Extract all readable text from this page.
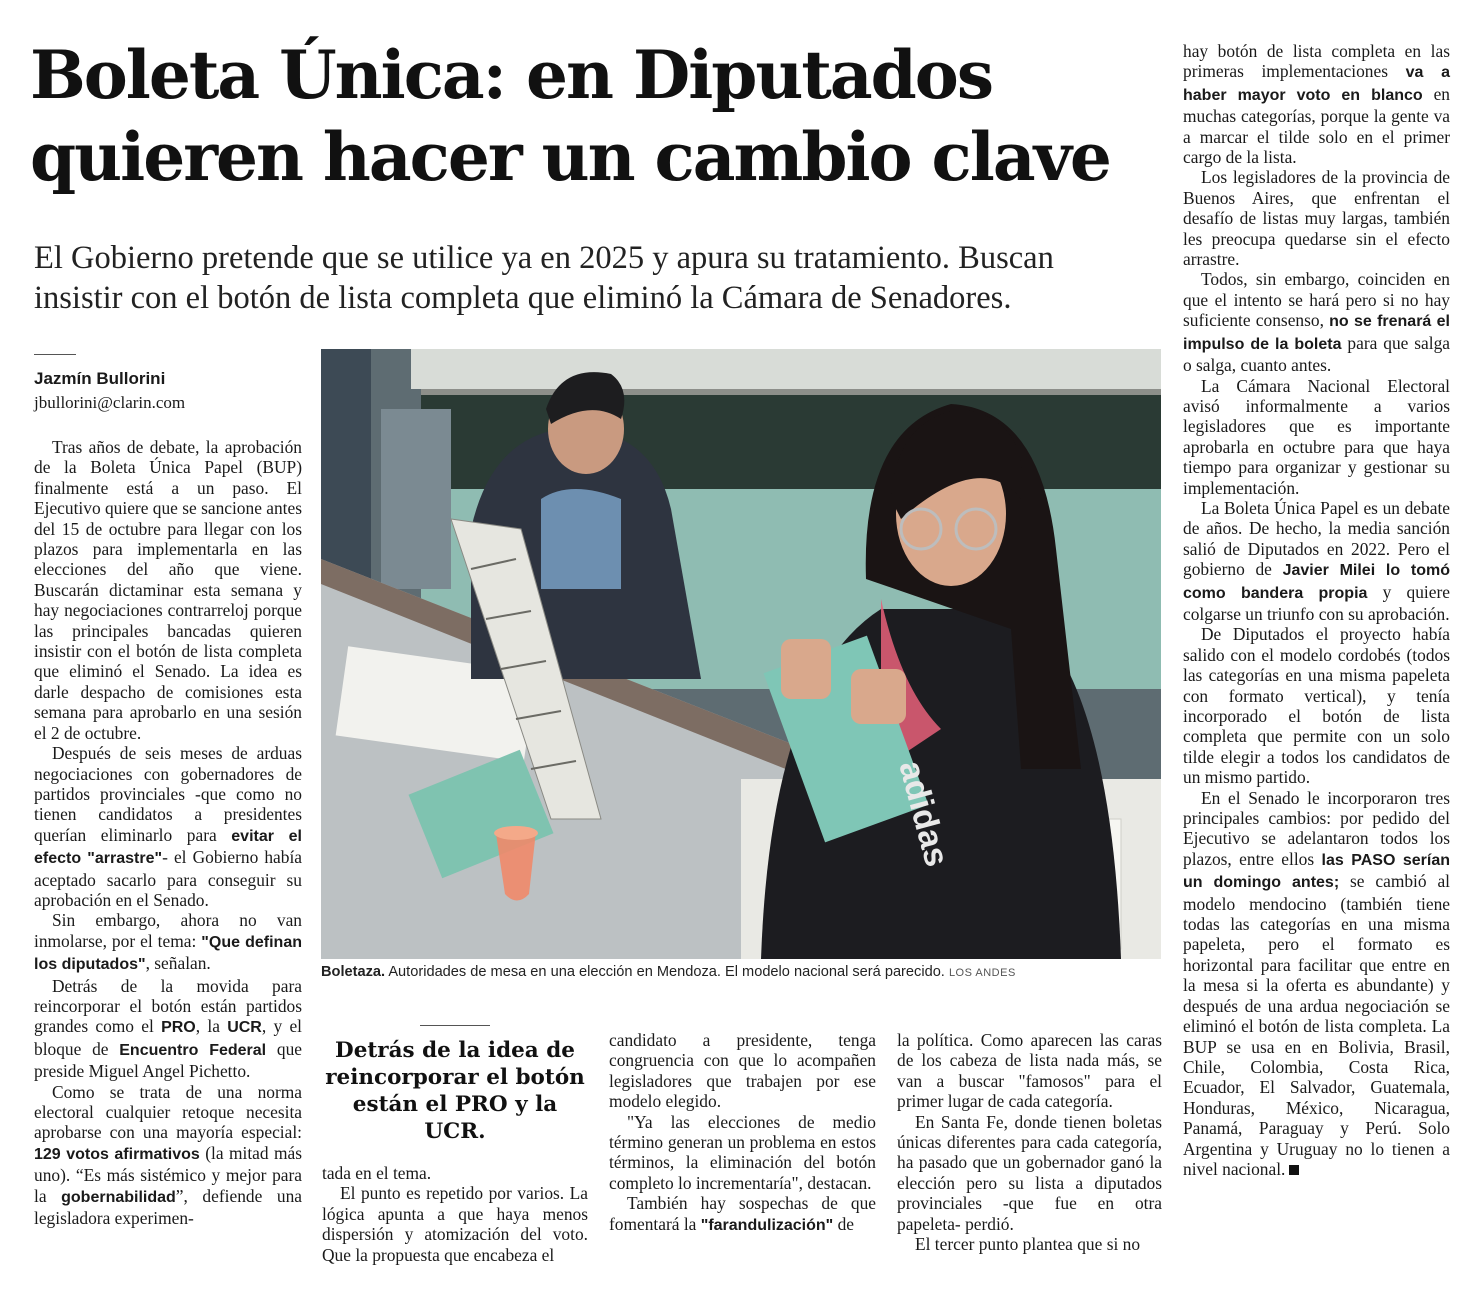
Boleta Única: en Diputados
quieren hacer un cambio clave

El Gobierno pretende que se utilice ya en 2025 y apura su tratamiento. Buscan
insistir con el botón de lista completa que eliminó la Cámara de Senadores.

Jazmín Bullorini
jbullorini@clarin.com

Tras años de debate, la aprobación de la Boleta Única Papel (BUP) finalmente está a un paso. El Ejecutivo quiere que se sancione antes del 15 de octubre para llegar con los plazos para implementarla en las elecciones del año que viene. Buscarán dictaminar esta semana y hay negociaciones contrarreloj porque las principales bancadas quieren insistir con el botón de lista completa que eliminó el Senado. La idea es darle despacho de comisiones esta semana para aprobarlo en una sesión el 2 de octubre.

Después de seis meses de arduas negociaciones con gobernadores de partidos provinciales -que como no tienen candidatos a presidentes querían eliminarlo para evitar el efecto "arrastre"- el Gobierno había aceptado sacarlo para conseguir su aprobación en el Senado.

Sin embargo, ahora no van inmolarse, por el tema: "Que definan los diputados", señalan.

Detrás de la movida para reincorporar el botón están partidos grandes como el PRO, la UCR, y el bloque de Encuentro Federal que preside Miguel Angel Pichetto.

Como se trata de una norma electoral cualquier retoque necesita aprobarse con una mayoría especial: 129 votos afirmativos (la mitad más uno). “Es más sistémico y mejor para la gobernabilidad”, defiende una legisladora experimen-

adidas
Boletaza. Autoridades de mesa en una elección en Mendoza. El modelo nacional será parecido. LOS ANDES

Detrás de la idea de
reincorporar el botón
están el PRO y la UCR.

tada en el tema.

El punto es repetido por varios. La lógica apunta a que haya menos dispersión y atomización del voto. Que la propuesta que encabeza el

candidato a presidente, tenga congruencia con que lo acompañen legisladores que trabajen por ese modelo elegido.

"Ya las elecciones de medio término generan un problema en estos términos, la eliminación del botón completo lo incrementaría", destacan.

También hay sospechas de que fomentará la "farandulización" de

la política. Como aparecen las caras de los cabeza de lista nada más, se van a buscar "famosos" para el primer lugar de cada categoría.

En Santa Fe, donde tienen boletas únicas diferentes para cada categoría, ha pasado que un gobernador ganó la elección pero su lista a diputados provinciales -que fue en otra papeleta- perdió.

El tercer punto plantea que si no

hay botón de lista completa en las primeras implementaciones va a haber mayor voto en blanco en muchas categorías, porque la gente va a marcar el tilde solo en el primer cargo de la lista.

Los legisladores de la provincia de Buenos Aires, que enfrentan el desafío de listas muy largas, también les preocupa quedarse sin el efecto arrastre.

Todos, sin embargo, coinciden en que el intento se hará pero si no hay suficiente consenso, no se frenará el impulso de la boleta para que salga o salga, cuanto antes.

La Cámara Nacional Electoral avisó informalmente a varios legisladores que es importante aprobarla en octubre para que haya tiempo para organizar y gestionar su implementación.

La Boleta Única Papel es un debate de años. De hecho, la media sanción salió de Diputados en 2022. Pero el gobierno de Javier Milei lo tomó como bandera propia y quiere colgarse un triunfo con su aprobación.

De Diputados el proyecto había salido con el modelo cordobés (todos las categorías en una misma papeleta con formato vertical), y tenía incorporado el botón de lista completa que permite con un solo tilde elegir a todos los candidatos de un mismo partido.

En el Senado le incorporaron tres principales cambios: por pedido del Ejecutivo se adelantaron todos los plazos, entre ellos las PASO serían un domingo antes; se cambió al modelo mendocino (también tiene todas las categorías en una misma papeleta, pero el formato es horizontal para facilitar que entre en la mesa si la oferta es abundante) y después de una ardua negociación se eliminó el botón de lista completa. La BUP se usa en en Bolivia, Brasil, Chile, Colombia, Costa Rica, Ecuador, El Salvador, Guatemala, Honduras, México, Nicaragua, Panamá, Paraguay y Perú. Solo Argentina y Uruguay no lo tienen a nivel nacional.
